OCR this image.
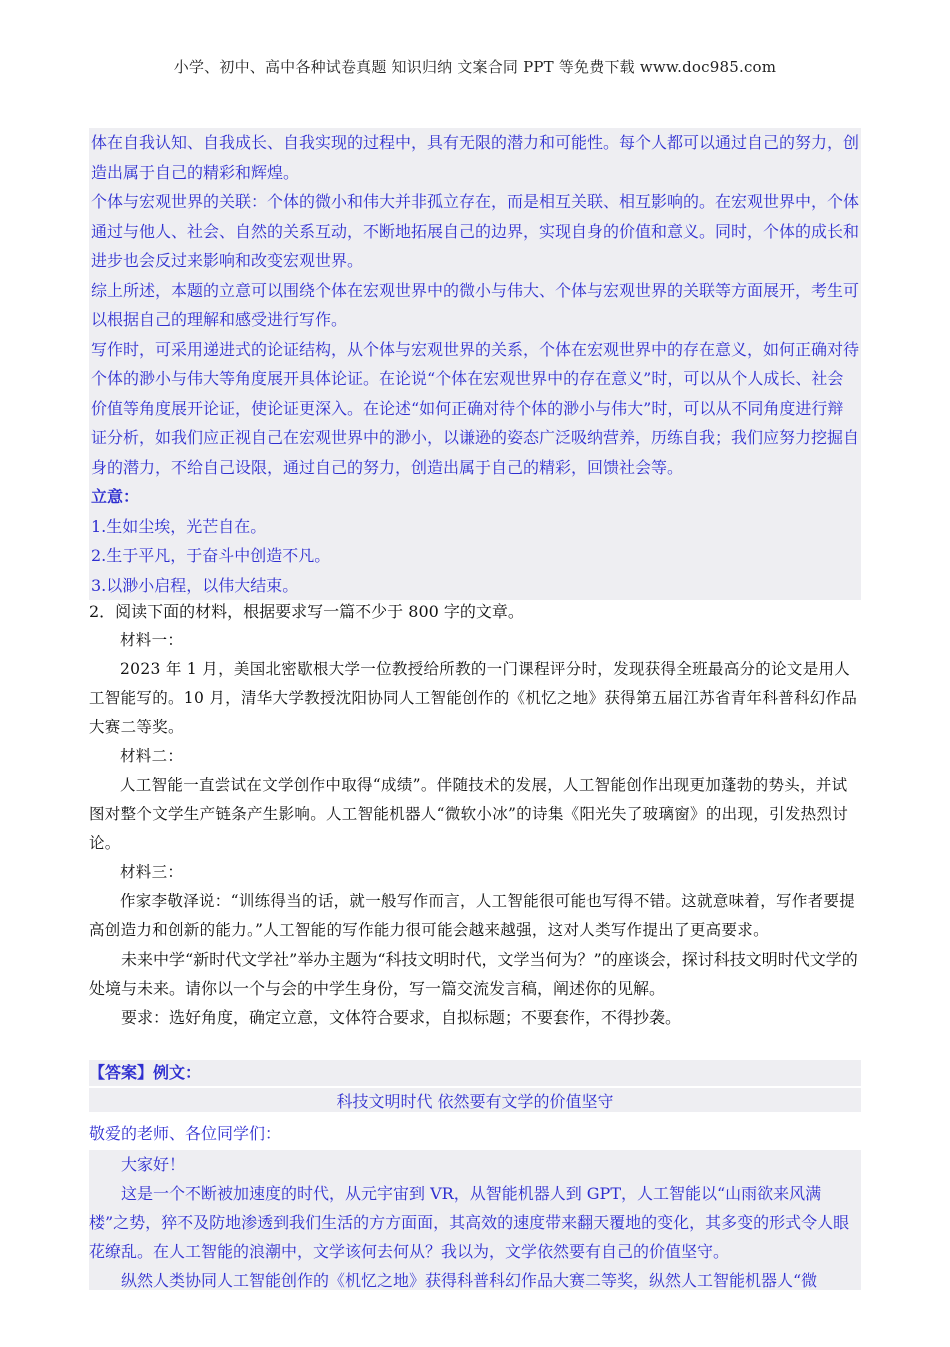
小学、初中、高中各种试卷真题 知识归纳 文案合同 PPT 等免费下载 www.doc985.com

体在自我认知、自我成长、自我实现的过程中，具有无限的潜力和可能性。每个人都可以通过自己的努力，创造出属于自己的精彩和辉煌。

个体与宏观世界的关联：个体的微小和伟大并非孤立存在，而是相互关联、相互影响的。在宏观世界中，个体通过与他人、社会、自然的关系互动，不断地拓展自己的边界，实现自身的价值和意义。同时，个体的成长和进步也会反过来影响和改变宏观世界。

综上所述，本题的立意可以围绕个体在宏观世界中的微小与伟大、个体与宏观世界的关联等方面展开，考生可以根据自己的理解和感受进行写作。

写作时，可采用递进式的论证结构，从个体与宏观世界的关系，个体在宏观世界中的存在意义，如何正确对待个体的渺小与伟大等角度展开具体论证。在论说“个体在宏观世界中的存在意义”时，可以从个人成长、社会价值等角度展开论证，使论证更深入。在论述“如何正确对待个体的渺小与伟大”时，可以从不同角度进行辩证分析，如我们应正视自己在宏观世界中的渺小，以谦逊的姿态广泛吸纳营养，历练自我；我们应努力挖掘自身的潜力，不给自己设限，通过自己的努力，创造出属于自己的精彩，回馈社会等。

立意：

1.生如尘埃，光芒自在。

2.生于平凡，于奋斗中创造不凡。

3.以渺小启程，以伟大结束。

2．阅读下面的材料，根据要求写一篇不少于 800 字的文章。

材料一：

2023 年 1 月，美国北密歇根大学一位教授给所教的一门课程评分时，发现获得全班最高分的论文是用人工智能写的。10 月，清华大学教授沈阳协同人工智能创作的《机忆之地》获得第五届江苏省青年科普科幻作品大赛二等奖。

材料二：

人工智能一直尝试在文学创作中取得“成绩”。伴随技术的发展，人工智能创作出现更加蓬勃的势头，并试图对整个文学生产链条产生影响。人工智能机器人“微软小冰”的诗集《阳光失了玻璃窗》的出现，引发热烈讨论。

材料三：

作家李敬泽说：“训练得当的话，就一般写作而言，人工智能很可能也写得不错。这就意味着，写作者要提高创造力和创新的能力。”人工智能的写作能力很可能会越来越强，这对人类写作提出了更高要求。

未来中学“新时代文学社”举办主题为“科技文明时代，文学当何为？”的座谈会，探讨科技文明时代文学的处境与未来。请你以一个与会的中学生身份，写一篇交流发言稿，阐述你的见解。

要求：选好角度，确定立意，文体符合要求，自拟标题；不要套作，不得抄袭。

【答案】例文：
科技文明时代 依然要有文学的价值坚守
敬爱的老师、各位同学们：

大家好！

这是一个不断被加速度的时代，从元宇宙到 VR，从智能机器人到 GPT，人工智能以“山雨欲来风满楼”之势，猝不及防地渗透到我们生活的方方面面，其高效的速度带来翻天覆地的变化，其多变的形式令人眼花缭乱。在人工智能的浪潮中，文学该何去何从？我以为，文学依然要有自己的价值坚守。

纵然人类协同人工智能创作的《机忆之地》获得科普科幻作品大赛二等奖，纵然人工智能机器人“微
